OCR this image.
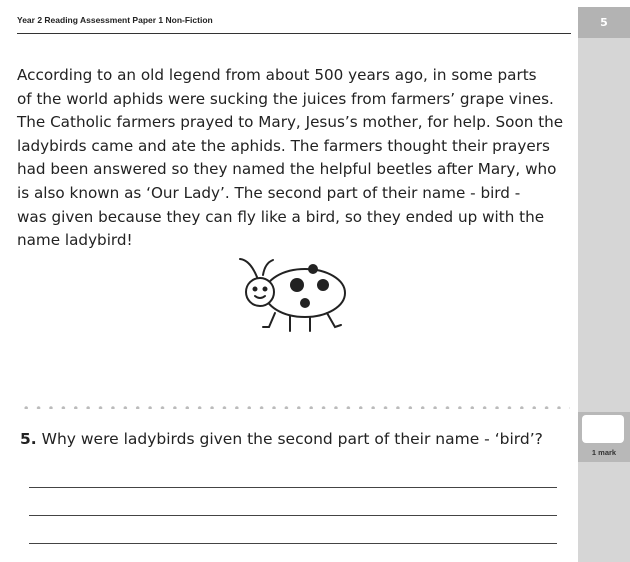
5
Year 2 Reading Assessment Paper 1 Non-Fiction
According to an old legend from about 500 years ago, in some parts
of the world aphids were sucking the juices from farmers’ grape vines.
The Catholic farmers prayed to Mary, Jesus’s mother, for help. Soon the
ladybirds came and ate the aphids. The farmers thought their prayers
had been answered so they named the helpful beetles after Mary, who
is also known as ‘Our Lady’. The second part of their name - bird -
was given because they can fly like a bird, so they ended up with the
name ladybird!
5. Why were ladybirds given the second part of their name - ‘bird’?
1 mark
